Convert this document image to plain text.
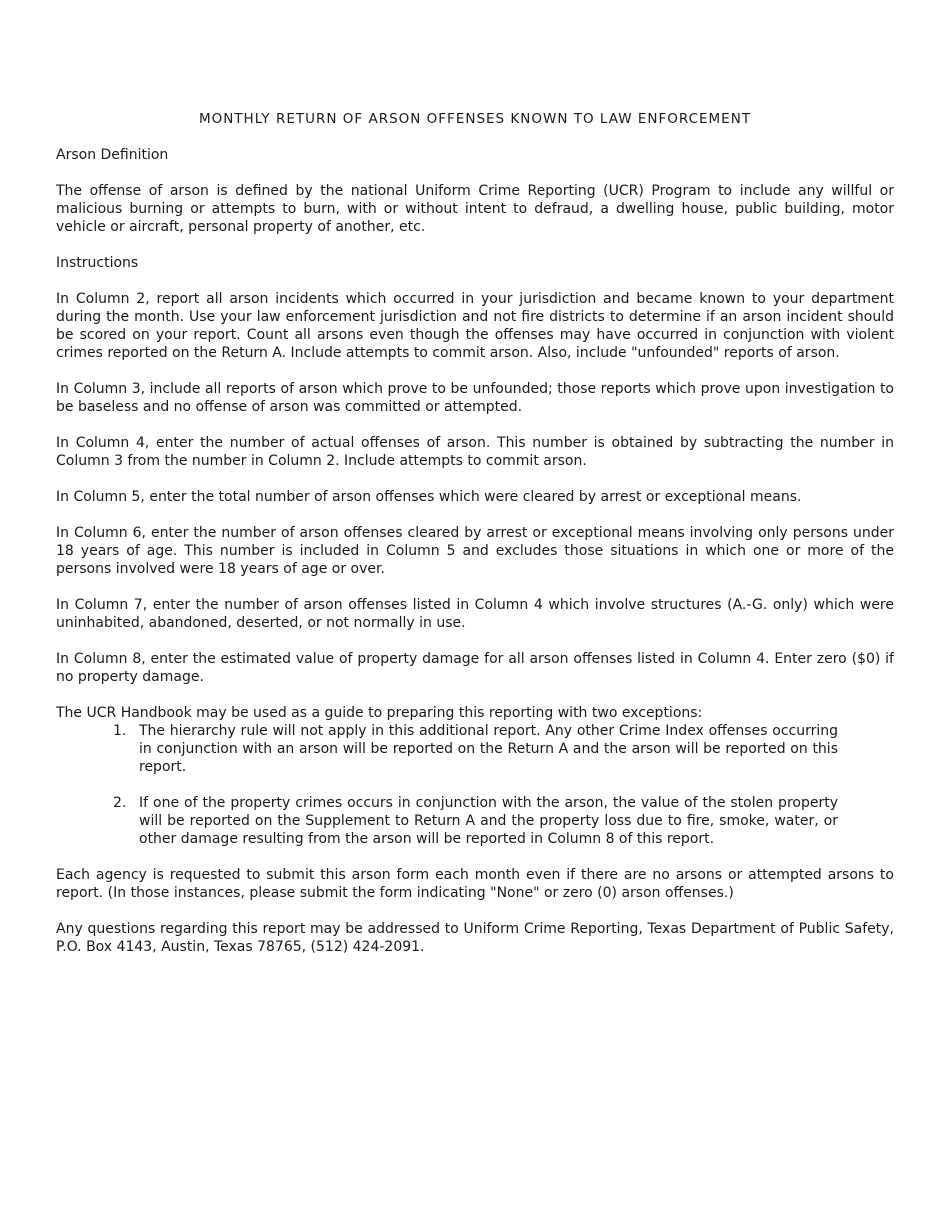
MONTHLY RETURN OF ARSON OFFENSES KNOWN TO LAW ENFORCEMENT
Arson Definition
The offense of arson is defined by the national Uniform Crime Reporting (UCR) Program to include any willful or malicious burning or attempts to burn, with or without intent to defraud, a dwelling house, public building, motor vehicle or aircraft, personal property of another, etc.
Instructions
In Column 2, report all arson incidents which occurred in your jurisdiction and became known to your department during the month. Use your law enforcement jurisdiction and not fire districts to determine if an arson incident should be scored on your report. Count all arsons even though the offenses may have occurred in conjunction with violent crimes reported on the Return A. Include attempts to commit arson. Also, include "unfounded" reports of arson.
In Column 3, include all reports of arson which prove to be unfounded; those reports which prove upon investigation to be baseless and no offense of arson was committed or attempted.
In Column 4, enter the number of actual offenses of arson. This number is obtained by subtracting the number in Column 3 from the number in Column 2. Include attempts to commit arson.
In Column 5, enter the total number of arson offenses which were cleared by arrest or exceptional means.
In Column 6, enter the number of arson offenses cleared by arrest or exceptional means involving only persons under 18 years of age. This number is included in Column 5 and excludes those situations in which one or more of the persons involved were 18 years of age or over.
In Column 7, enter the number of arson offenses listed in Column 4 which involve structures (A.-G. only) which were uninhabited, abandoned, deserted, or not normally in use.
In Column 8, enter the estimated value of property damage for all arson offenses listed in Column 4. Enter zero ($0) if no property damage.
The UCR Handbook may be used as a guide to preparing this reporting with two exceptions:
1. The hierarchy rule will not apply in this additional report. Any other Crime Index offenses occurring in conjunction with an arson will be reported on the Return A and the arson will be reported on this report.
2. If one of the property crimes occurs in conjunction with the arson, the value of the stolen property will be reported on the Supplement to Return A and the property loss due to fire, smoke, water, or other damage resulting from the arson will be reported in Column 8 of this report.
Each agency is requested to submit this arson form each month even if there are no arsons or attempted arsons to report. (In those instances, please submit the form indicating "None" or zero (0) arson offenses.)
Any questions regarding this report may be addressed to Uniform Crime Reporting, Texas Department of Public Safety, P.O. Box 4143, Austin, Texas 78765, (512) 424-2091.
